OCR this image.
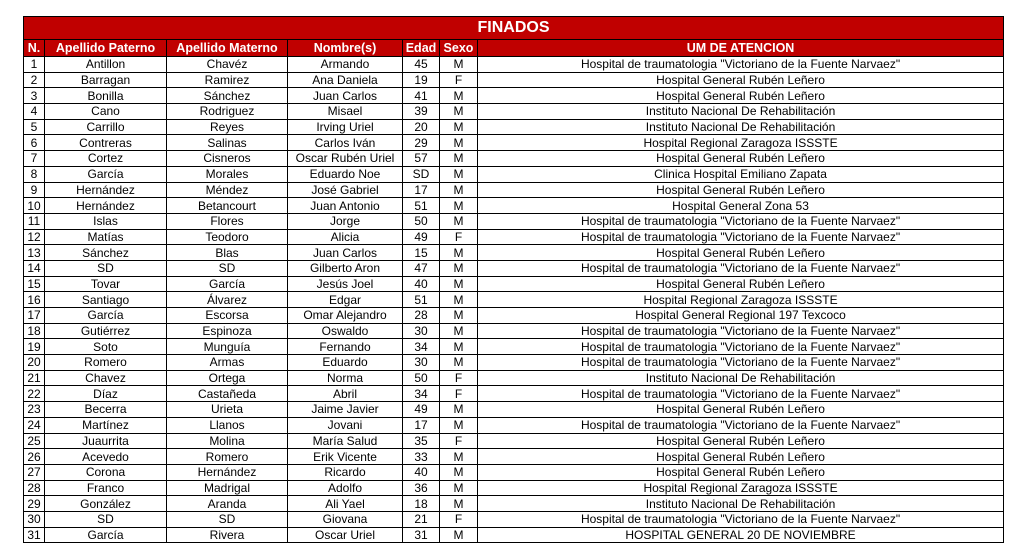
FINADOS						
N.	Apellido Paterno	Apellido Materno	Nombre(s)	Edad	Sexo	UM DE ATENCION
1	Antillon	Chavéz	Armando	45	M	Hospital de traumatologia "Victoriano de la Fuente Narvaez"
2	Barragan	Ramirez	Ana Daniela	19	F	Hospital General Rubén Leñero
3	Bonilla	Sánchez	Juan Carlos	41	M	Hospital General Rubén Leñero
4	Cano	Rodriguez	Misael	39	M	Instituto Nacional De Rehabilitación
5	Carrillo	Reyes	Irving Uriel	20	M	Instituto Nacional De Rehabilitación
6	Contreras	Salinas	Carlos Iván	29	M	Hospital Regional Zaragoza ISSSTE
7	Cortez	Cisneros	Oscar Rubén Uriel	57	M	Hospital General Rubén Leñero
8	García	Morales	Eduardo Noe	SD	M	Clinica Hospital Emiliano Zapata
9	Hernández	Méndez	José Gabriel	17	M	Hospital General Rubén Leñero
10	Hernández	Betancourt	Juan Antonio	51	M	Hospital General Zona 53
11	Islas	Flores	Jorge	50	M	Hospital de traumatologia "Victoriano de la Fuente Narvaez"
12	Matías	Teodoro	Alicia	49	F	Hospital de traumatologia "Victoriano de la Fuente Narvaez"
13	Sánchez	Blas	Juan Carlos	15	M	Hospital General Rubén Leñero
14	SD	SD	Gilberto Aron	47	M	Hospital de traumatologia "Victoriano de la Fuente Narvaez"
15	Tovar	García	Jesús Joel	40	M	Hospital General Rubén Leñero
16	Santiago	Álvarez	Edgar	51	M	Hospital Regional Zaragoza ISSSTE
17	García	Escorsa	Omar Alejandro	28	M	Hospital General Regional 197 Texcoco
18	Gutiérrez	Espinoza	Oswaldo	30	M	Hospital de traumatologia "Victoriano de la Fuente Narvaez"
19	Soto	Munguía	Fernando	34	M	Hospital de traumatologia "Victoriano de la Fuente Narvaez"
20	Romero	Armas	Eduardo	30	M	Hospital de traumatologia "Victoriano de la Fuente Narvaez"
21	Chavez	Ortega	Norma	50	F	Instituto Nacional De Rehabilitación
22	Díaz	Castañeda	Abril	34	F	Hospital de traumatologia "Victoriano de la Fuente Narvaez"
23	Becerra	Urieta	Jaime Javier	49	M	Hospital General Rubén Leñero
24	Martínez	Llanos	Jovani	17	M	Hospital de traumatologia "Victoriano de la Fuente Narvaez"
25	Juaurrita	Molina	María Salud	35	F	Hospital General Rubén Leñero
26	Acevedo	Romero	Erik Vicente	33	M	Hospital General Rubén Leñero
27	Corona	Hernández	Ricardo	40	M	Hospital General Rubén Leñero
28	Franco	Madrigal	Adolfo	36	M	Hospital Regional Zaragoza ISSSTE
29	González	Aranda	Ali Yael	18	M	Instituto Nacional De Rehabilitación
30	SD	SD	Giovana	21	F	Hospital de traumatologia "Victoriano de la Fuente Narvaez"
31	García	Rivera	Oscar Uriel	31	M	HOSPITAL GENERAL 20 DE NOVIEMBRE
